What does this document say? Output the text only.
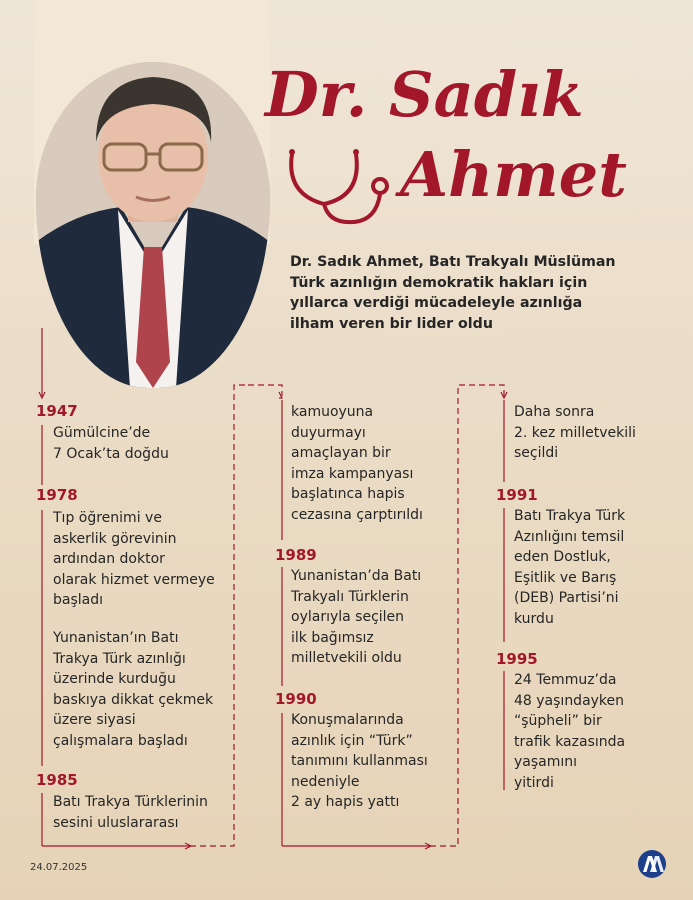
Dr. Sadık
Ahmet
Dr. Sadık Ahmet, Batı Trakyalı Müslüman Türk azınlığın demokratik hakları için yıllarca verdiği mücadeleyle azınlığa ilham veren bir lider oldu
1947
Gümülcine’de
7 Ocak’ta doğdu
1978
Tıp öğrenimi ve
askerlik görevinin
ardından doktor
olarak hizmet vermeye
başladı
Yunanistan’ın Batı
Trakya Türk azınlığı
üzerinde kurduğu
baskıya dikkat çekmek
üzere siyasi
çalışmalara başladı
1985
Batı Trakya Türklerinin
sesini uluslararası
kamuoyuna
duyurmayı
amaçlayan bir
imza kampanyası
başlatınca hapis
cezasına çarptırıldı
1989
Yunanistan’da Batı
Trakyalı Türklerin
oylarıyla seçilen
ilk bağımsız
milletvekili oldu
1990
Konuşmalarında
azınlık için “Türk”
tanımını kullanması
nedeniyle
2 ay hapis yattı
Daha sonra
2. kez milletvekili
seçildi
1991
Batı Trakya Türk
Azınlığını temsil
eden Dostluk,
Eşitlik ve Barış
(DEB) Partisi’ni
kurdu
1995
24 Temmuz’da
48 yaşındayken
“şüpheli” bir
trafik kazasında
yaşamını
yitirdi
24.07.2025
